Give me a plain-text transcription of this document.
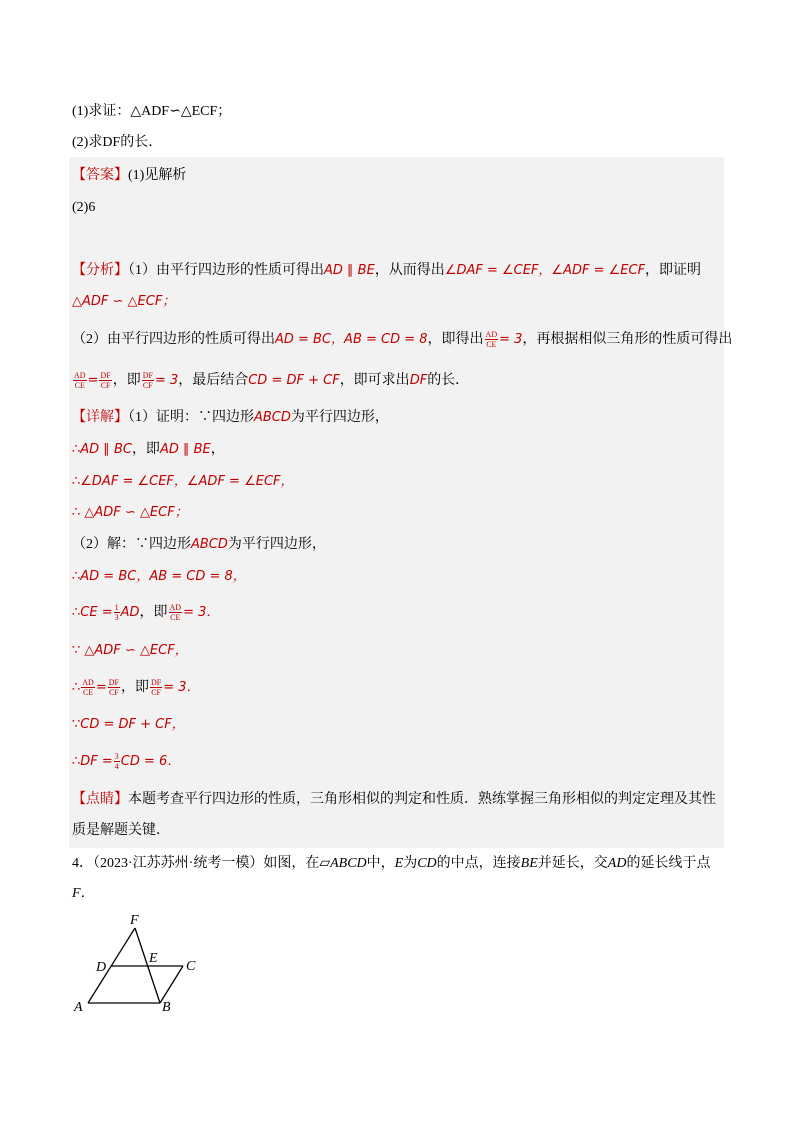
(1)求证：△ADF∽△ECF；
(2)求DF的长．
【答案】(1)见解析
(2)6
【分析】（1）由平行四边形的性质可得出AD ∥ BE，从而得出∠DAF = ∠CEF，∠ADF = ∠ECF，即证明
△ADF ∽ △ECF；
（2）由平行四边形的性质可得出AD = BC，AB = CD = 8，即得出 $\frac{AD}{CE} = 3$，再根据相似三角形的性质可得出
$\frac{AD}{CE} = \frac{DF}{CF}$ ，即 $\frac{DF}{CF} = 3$，最后结合CD = DF + CF，即可求出DF的长．
【详解】（1）证明：∵四边形ABCD为平行四边形，
∴AD ∥ BC，即AD ∥ BE，
∴∠DAF = ∠CEF，∠ADF = ∠ECF，
∴ △ADF ∽ △ECF；
（2）解：∵四边形ABCD为平行四边形，
∴AD = BC，AB = CD = 8，
∴CE = $\frac{1}{3}$ AD，即 $\frac{AD}{CE} = 3$．
∵ △ADF ∽ △ECF，
∴ $\frac{AD}{CE} = \frac{DF}{CF}$ ，即 $\frac{DF}{CF} = 3$．
∵CD = DF + CF，
∴DF = $\frac{3}{4}$ CD = 6．
【点睛】本题考查平行四边形的性质，三角形相似的判定和性质．熟练掌握三角形相似的判定定理及其性
质是解题关键．
4．（2023·江苏苏州·统考一模）如图，在▱ABCD中，E为CD的中点，连接BE并延长，交AD的延长线于点
F．
F
D
E
C
A	B
